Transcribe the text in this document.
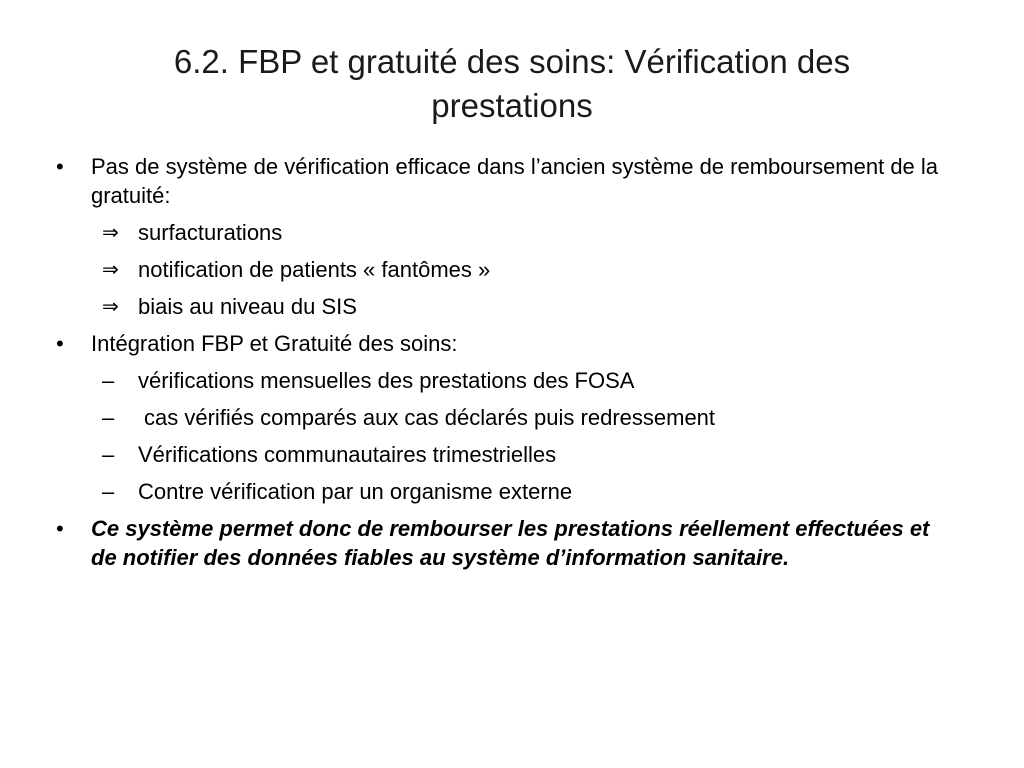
6.2. FBP et gratuité des soins: Vérification des prestations
• Pas de système de vérification efficace dans l’ancien système de remboursement de la gratuité:
⇒ surfacturations
⇒ notification de patients « fantômes »
⇒ biais au niveau du SIS
• Intégration FBP et Gratuité des soins:
– vérifications mensuelles des prestations des FOSA
– cas vérifiés comparés aux cas déclarés puis redressement
– Vérifications communautaires trimestrielles
– Contre vérification par un organisme externe
• Ce système permet donc de rembourser les prestations réellement effectuées et de notifier des données fiables au système d’information sanitaire.
